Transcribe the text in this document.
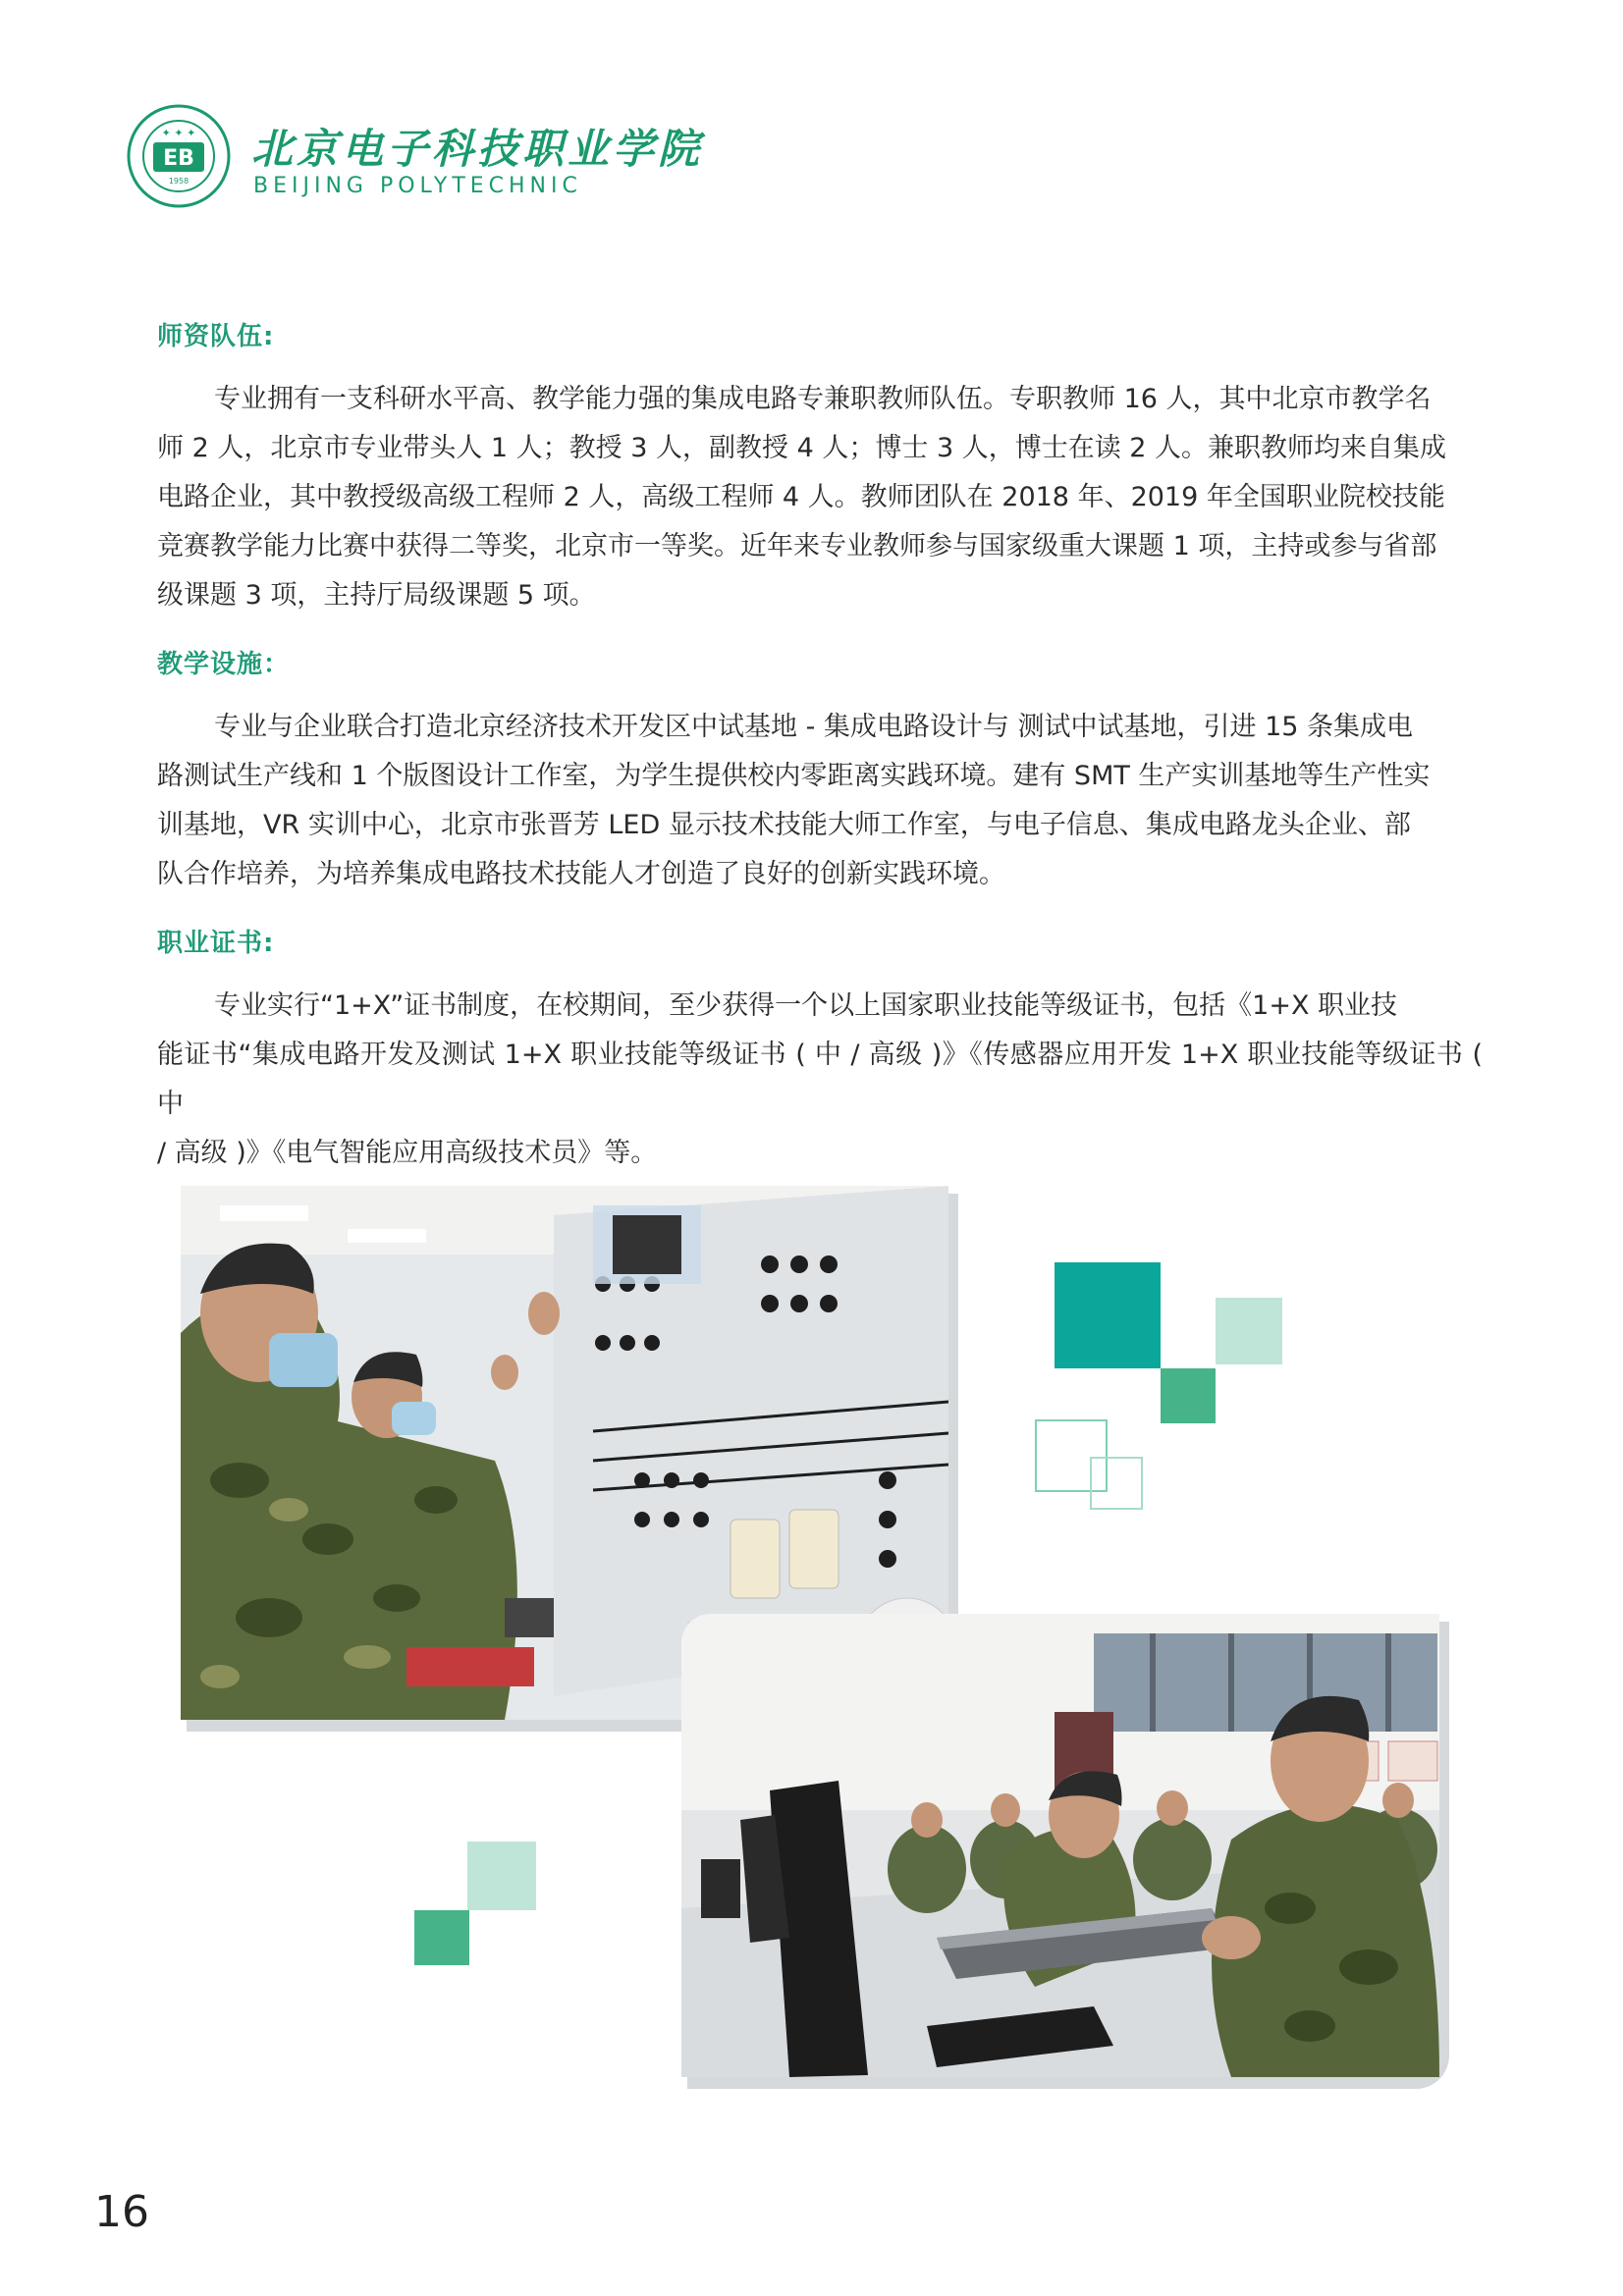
EB
✦ ✦ ✦
1958
北京电子科技职业学院
BEIJING POLYTECHNIC
师资队伍:
专业拥有一支科研水平高、教学能力强的集成电路专兼职教师队伍。专职教师 16 人，其中北京市教学名
师 2 人，北京市专业带头人 1 人；教授 3 人，副教授 4 人；博士 3 人，博士在读 2 人。兼职教师均来自集成
电路企业，其中教授级高级工程师 2 人，高级工程师 4 人。教师团队在 2018 年、2019 年全国职业院校技能
竞赛教学能力比赛中获得二等奖，北京市一等奖。近年来专业教师参与国家级重大课题 1 项，主持或参与省部
级课题 3 项，主持厅局级课题 5 项。
教学设施：
专业与企业联合打造北京经济技术开发区中试基地 - 集成电路设计与 测试中试基地，引进 15 条集成电
路测试生产线和 1 个版图设计工作室，为学生提供校内零距离实践环境。建有 SMT 生产实训基地等生产性实
训基地，VR 实训中心，北京市张晋芳 LED 显示技术技能大师工作室，与电子信息、集成电路龙头企业、部
队合作培养，为培养集成电路技术技能人才创造了良好的创新实践环境。
职业证书:
专业实行“1+X”证书制度，在校期间，至少获得一个以上国家职业技能等级证书，包括《1+X 职业技
能证书“集成电路开发及测试 1+X 职业技能等级证书 ( 中 / 高级 )》《传感器应用开发 1+X 职业技能等级证书 ( 中
/ 高级 )》《电气智能应用高级技术员》等。
16
